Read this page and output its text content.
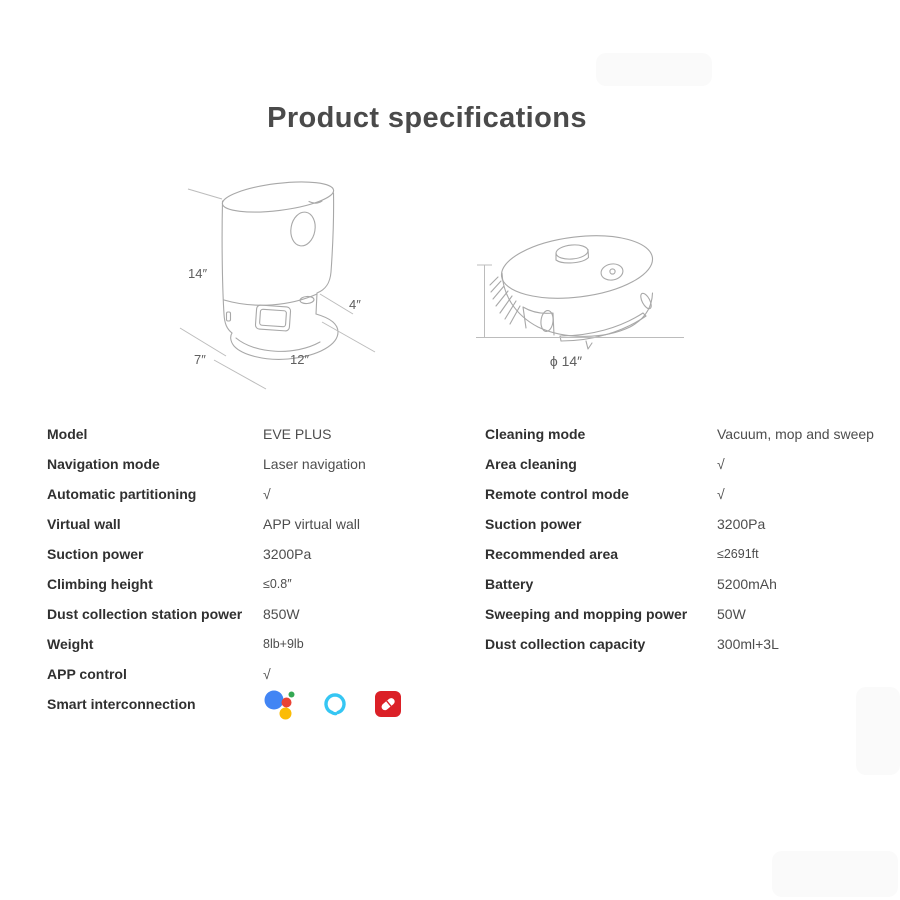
Product specifications
14″
4″
7″	12″	ϕ 14″
Model	EVE PLUS
Navigation mode	Laser navigation
Automatic partitioning	√
Virtual wall	APP virtual wall
Suction power	3200Pa
Climbing height	≤0.8″
Dust collection station power	850W
Weight	8lb+9lb
APP control	√
Smart interconnection
Cleaning mode	Vacuum, mop and sweep
Area cleaning	√
Remote control mode	√
Suction power	3200Pa
Recommended area	≤2691ft
Battery	5200mAh
Sweeping and mopping power	50W
Dust collection capacity	300ml+3L
